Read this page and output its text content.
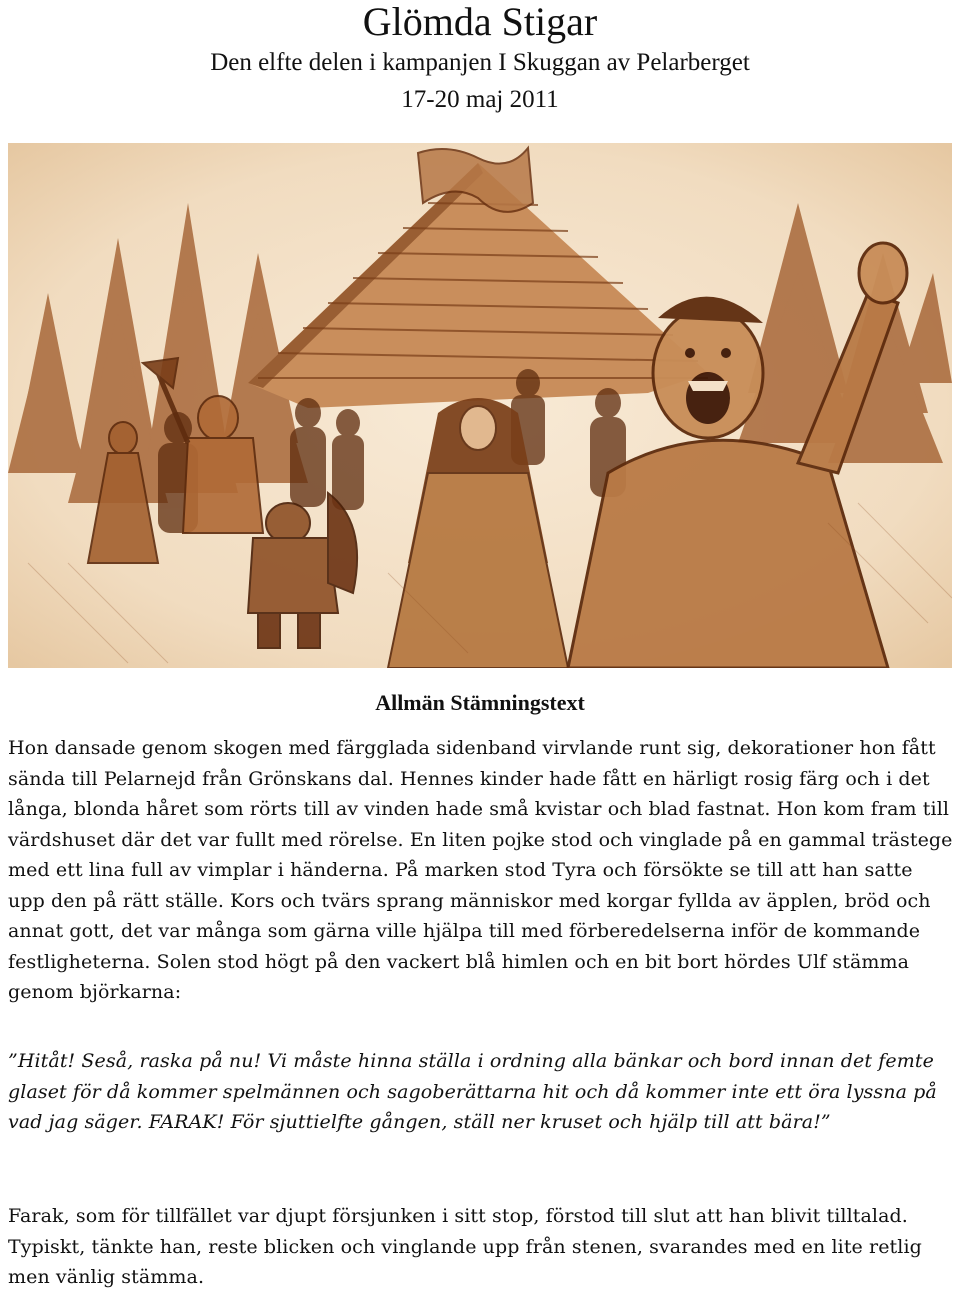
Glömda Stigar
Den elfte delen i kampanjen I Skuggan av Pelarberget
17-20 maj 2011
Allmän Stämningstext

Hon dansade genom skogen med färgglada sidenband virvlande runt sig, dekorationer hon fått sända till Pelarnejd från Grönskans dal. Hennes kinder hade fått en härligt rosig färg och i det långa, blonda håret som rörts till av vinden hade små kvistar och blad fastnat. Hon kom fram till värdshuset där det var fullt med rörelse. En liten pojke stod och vinglade på en gammal trästege med ett lina full av vimplar i händerna. På marken stod Tyra och försökte se till att han satte upp den på rätt ställe. Kors och tvärs sprang människor med korgar fyllda av äpplen, bröd och annat gott, det var många som gärna ville hjälpa till med förberedelserna inför de kommande festligheterna. Solen stod högt på den vackert blå himlen och en bit bort hördes Ulf stämma genom björkarna:

”Hitåt! Seså, raska på nu! Vi måste hinna ställa i ordning alla bänkar och bord innan det femte glaset för då kommer spelmännen och sagoberättarna hit och då kommer inte ett öra lyssna på vad jag säger. FARAK! För sjuttielfte gången, ställ ner kruset och hjälp till att bära!”

Farak, som för tillfället var djupt försjunken i sitt stop, förstod till slut att han blivit tilltalad. Typiskt, tänkte han, reste blicken och vinglande upp från stenen, svarandes med en lite retlig men vänlig stämma.
